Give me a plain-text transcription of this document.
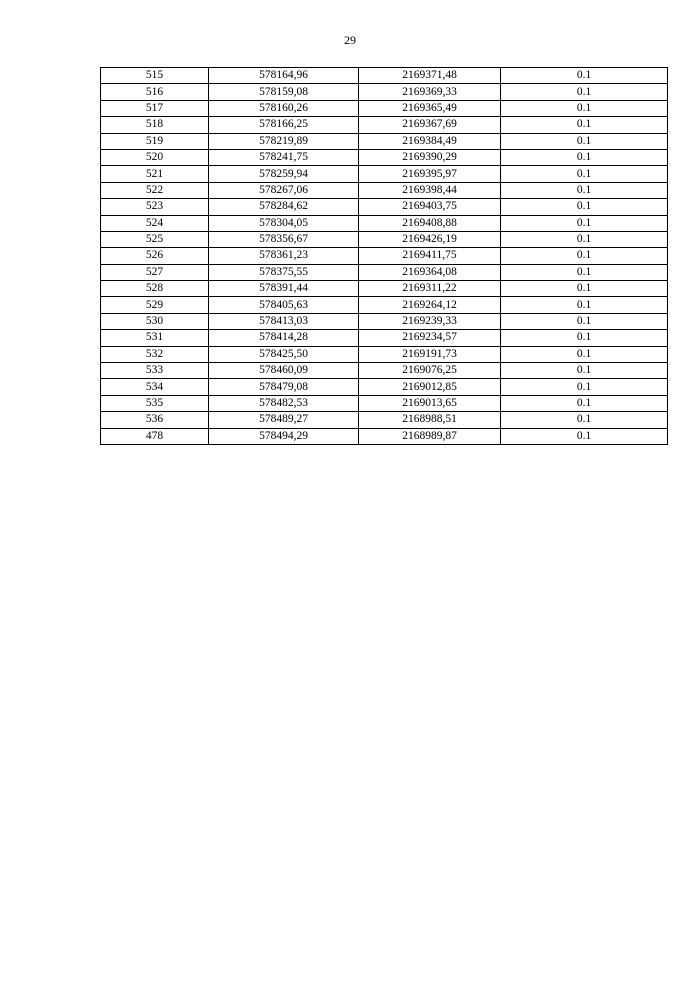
29
515	578164,96	2169371,48	0.1
516	578159,08	2169369,33	0.1
517	578160,26	2169365,49	0.1
518	578166,25	2169367,69	0.1
519	578219,89	2169384,49	0.1
520	578241,75	2169390,29	0.1
521	578259,94	2169395,97	0.1
522	578267,06	2169398,44	0.1
523	578284,62	2169403,75	0.1
524	578304,05	2169408,88	0.1
525	578356,67	2169426,19	0.1
526	578361,23	2169411,75	0.1
527	578375,55	2169364,08	0.1
528	578391,44	2169311,22	0.1
529	578405,63	2169264,12	0.1
530	578413,03	2169239,33	0.1
531	578414,28	2169234,57	0.1
532	578425,50	2169191,73	0.1
533	578460,09	2169076,25	0.1
534	578479,08	2169012,85	0.1
535	578482,53	2169013,65	0.1
536	578489,27	2168988,51	0.1
478	578494,29	2168989,87	0.1
